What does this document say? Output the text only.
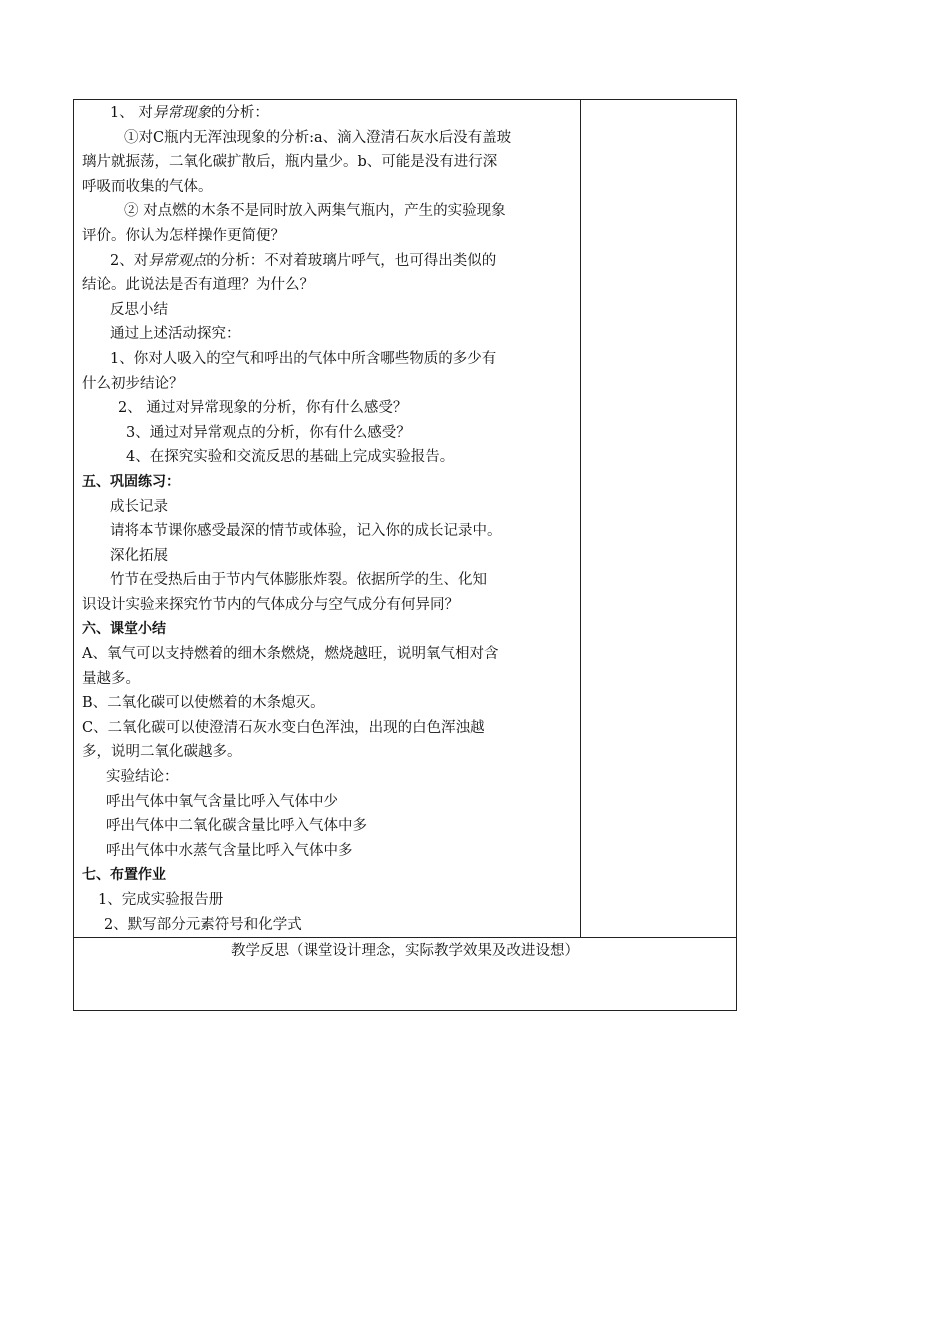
1、 对异常现象的分析：
①对C瓶内无浑浊现象的分析:a、滴入澄清石灰水后没有盖玻
璃片就振荡，二氧化碳扩散后，瓶内量少。b、可能是没有进行深
呼吸而收集的气体。
② 对点燃的木条不是同时放入两集气瓶内，产生的实验现象
评价。你认为怎样操作更简便？
2、对异常观点的分析：不对着玻璃片呼气，也可得出类似的
结论。此说法是否有道理？为什么？
反思小结
通过上述活动探究：
1、你对人吸入的空气和呼出的气体中所含哪些物质的多少有
什么初步结论？
2、 通过对异常现象的分析，你有什么感受？
3、通过对异常观点的分析，你有什么感受？
4、在探究实验和交流反思的基础上完成实验报告。
五、巩固练习：
成长记录
请将本节课你感受最深的情节或体验，记入你的成长记录中。
深化拓展
竹节在受热后由于节内气体膨胀炸裂。依据所学的生、化知
识设计实验来探究竹节内的气体成分与空气成分有何异同？
六、课堂小结
A、氧气可以支持燃着的细木条燃烧，燃烧越旺，说明氧气相对含
量越多。
B、二氧化碳可以使燃着的木条熄灭。
C、二氧化碳可以使澄清石灰水变白色浑浊，出现的白色浑浊越
多，说明二氧化碳越多。
实验结论：
呼出气体中氧气含量比呼入气体中少
呼出气体中二氧化碳含量比呼入气体中多
呼出气体中水蒸气含量比呼入气体中多
七、布置作业
1、完成实验报告册
2、默写部分元素符号和化学式

教学反思（课堂设计理念，实际教学效果及改进设想）
